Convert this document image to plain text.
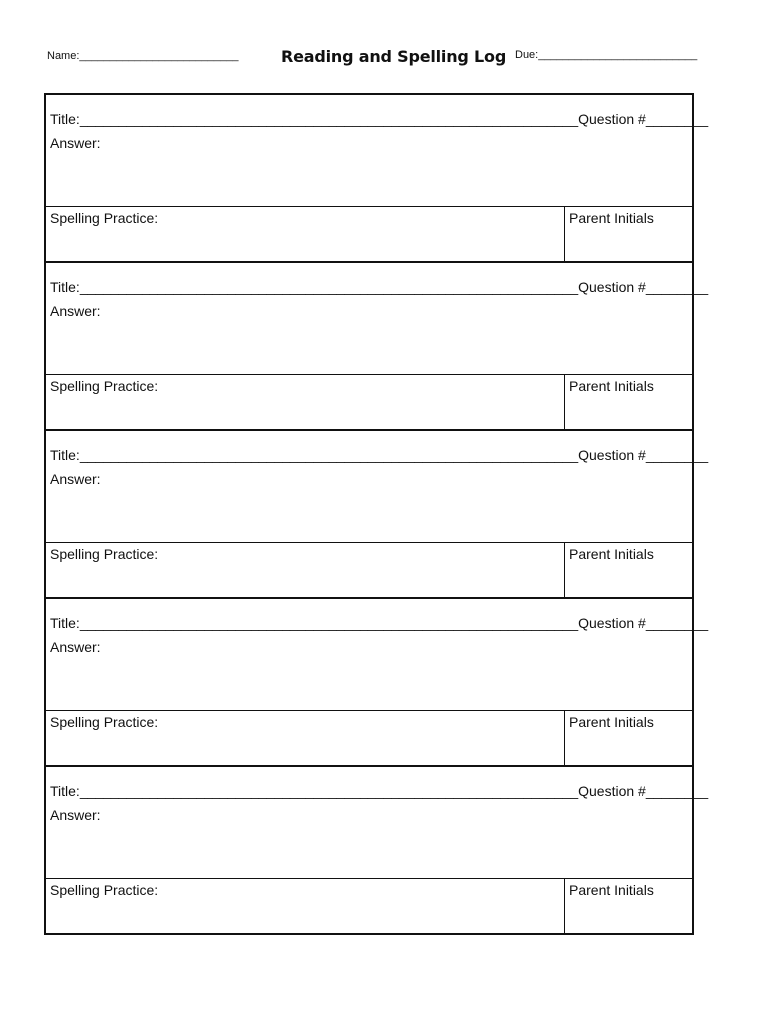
Name:__________________________	Reading and Spelling Log Due:__________________________
Title:________________________________________________________________Question #________
Answer:
Spelling Practice:	Parent Initials
Title:________________________________________________________________Question #________
Answer:
Spelling Practice:	Parent Initials
Title:________________________________________________________________Question #________
Answer:
Spelling Practice:	Parent Initials
Title:________________________________________________________________Question #________
Answer:
Spelling Practice:	Parent Initials
Title:________________________________________________________________Question #________
Answer:
Spelling Practice:	Parent Initials
